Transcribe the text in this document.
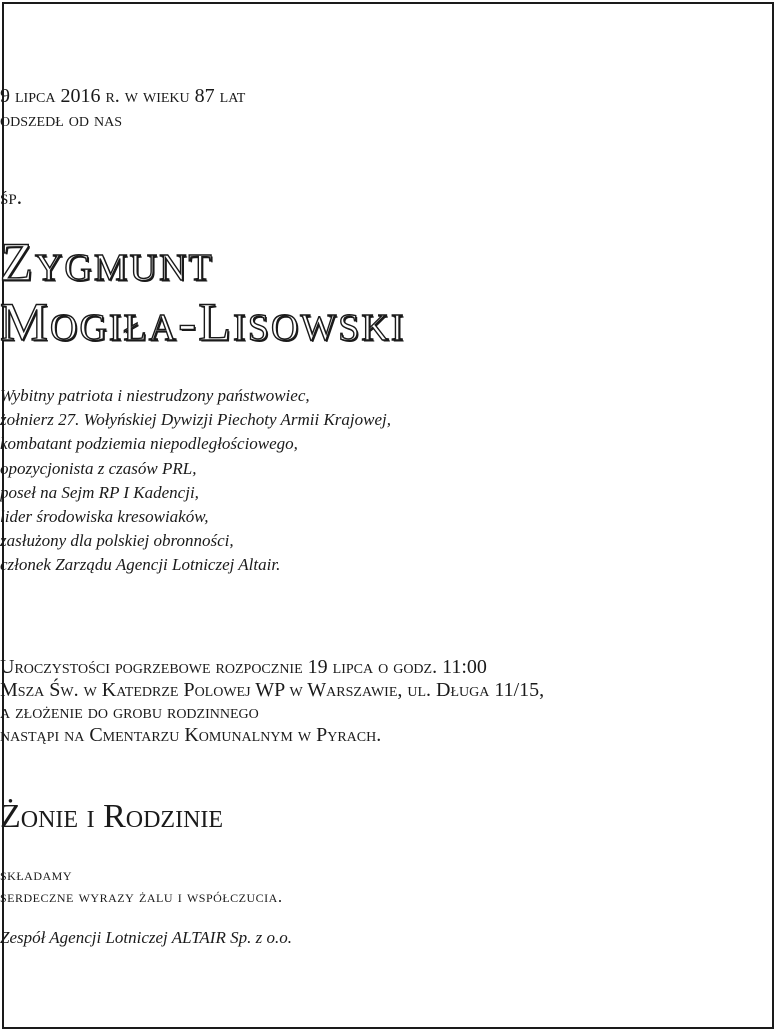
9 lipca 2016 r. w wieku 87 lat
odszedł od nas
śp.
Zygmunt
Mogiła-Lisowski
Wybitny patriota i niestrudzony państwowiec,
żołnierz 27. Wołyńskiej Dywizji Piechoty Armii Krajowej,
kombatant podziemia niepodległościowego,
opozycjonista z czasów PRL,
poseł na Sejm RP I Kadencji,
lider środowiska kresowiaków,
zasłużony dla polskiej obronności,
członek Zarządu Agencji Lotniczej Altair.
Uroczystości pogrzebowe rozpocznie 19 lipca o godz. 11:00
Msza Św. w Katedrze Polowej WP w Warszawie, ul. Długa 11/15,
a złożenie do grobu rodzinnego
nastąpi na Cmentarzu Komunalnym w Pyrach.
Żonie i Rodzinie
składamy
serdeczne wyrazy żalu i współczucia.
Zespół Agencji Lotniczej ALTAIR Sp. z o.o.
